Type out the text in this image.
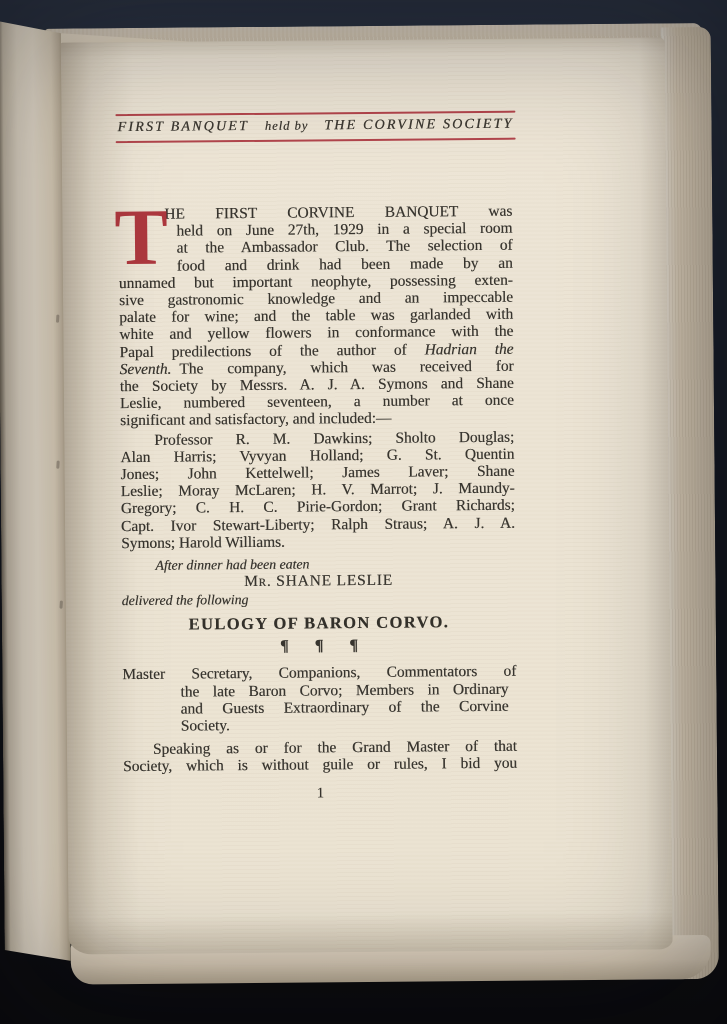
FIRST BANQUET held by THE CORVINE SOCIETY
T
HE FIRST CORVINE BANQUET was
held on June 27th, 1929 in a special room
at the Ambassador Club. The selection of
food and drink had been made by an
unnamed but important neophyte, possessing exten-
sive gastronomic knowledge and an impeccable
palate for wine; and the table was garlanded with
white and yellow flowers in conformance with the
Papal predilections of the author of Hadrian the
Seventh. The company, which was received for
the Society by Messrs. A. J. A. Symons and Shane
Leslie, numbered seventeen, a number at once
significant and satisfactory, and included:—
Professor R. M. Dawkins; Sholto Douglas;
Alan Harris; Vyvyan Holland; G. St. Quentin
Jones; John Kettelwell; James Laver; Shane
Leslie; Moray McLaren; H. V. Marrot; J. Maundy-
Gregory; C. H. C. Pirie-Gordon; Grant Richards;
Capt. Ivor Stewart-Liberty; Ralph Straus; A. J. A.
Symons; Harold Williams.
After dinner had been eaten
Mr. SHANE LESLIE
delivered the following
EULOGY OF BARON CORVO.
¶ ¶ ¶
Master Secretary, Companions, Commentators of
the late Baron Corvo; Members in Ordinary
and Guests Extraordinary of the Corvine
Society.
Speaking as or for the Grand Master of that
Society, which is without guile or rules, I bid you
1
